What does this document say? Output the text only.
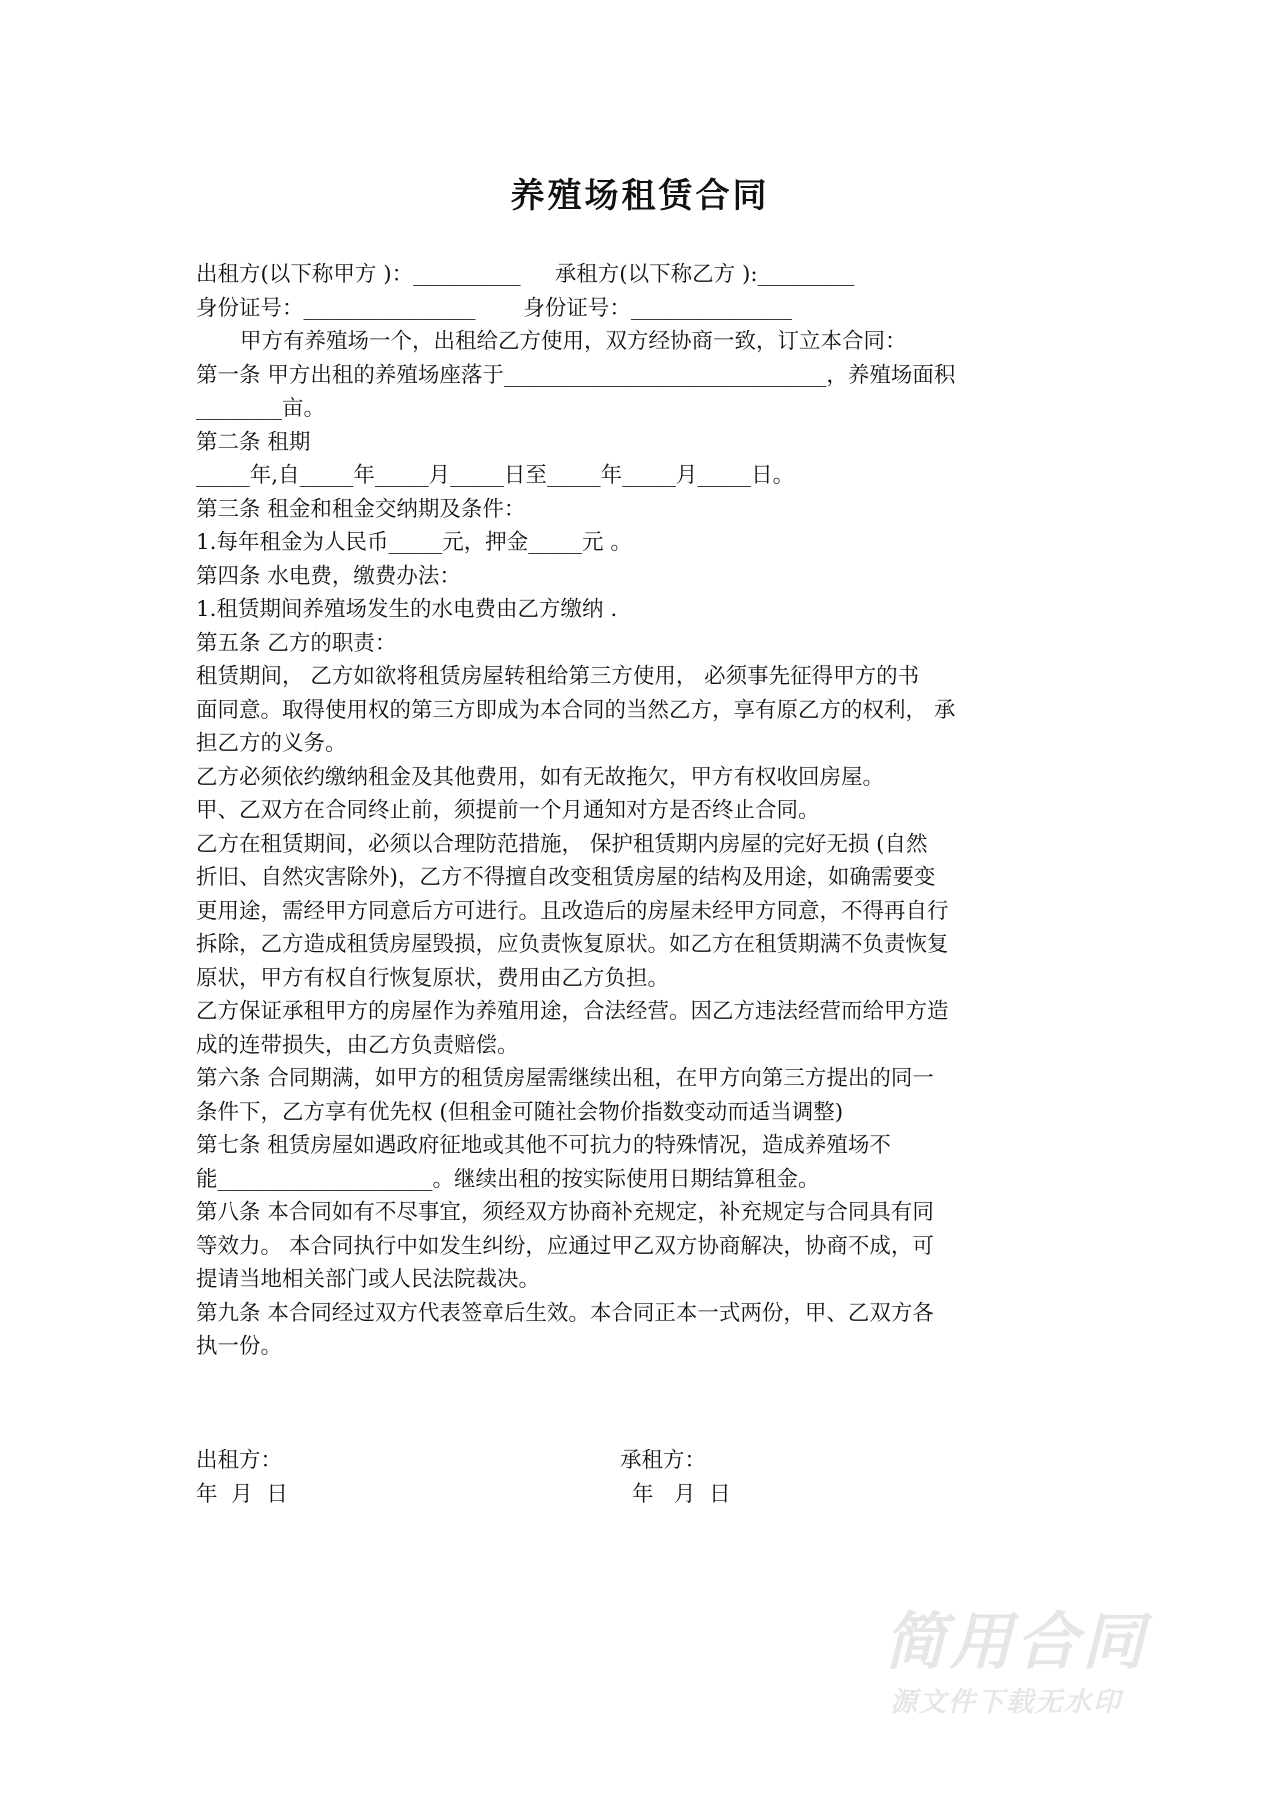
养殖场租赁合同
出租方(以下称甲方 )：__________     承租方(以下称乙方 ):_________
身份证号：________________       身份证号：_______________
甲方有养殖场一个，出租给乙方使用，双方经协商一致，订立本合同：
第一条 甲方出租的养殖场座落于______________________________，养殖场面积
________亩。
第二条 租期
_____年,自_____年_____月_____日至_____年_____月_____日。
第三条 租金和租金交纳期及条件：
1.每年租金为人民币_____元，押金_____元 。
第四条 水电费，缴费办法：
1.租赁期间养殖场发生的水电费由乙方缴纳 .
第五条 乙方的职责：
租赁期间， 乙方如欲将租赁房屋转租给第三方使用， 必须事先征得甲方的书
面同意。取得使用权的第三方即成为本合同的当然乙方，享有原乙方的权利， 承
担乙方的义务。
乙方必须依约缴纳租金及其他费用，如有无故拖欠，甲方有权收回房屋。
甲、乙双方在合同终止前，须提前一个月通知对方是否终止合同。
乙方在租赁期间，必须以合理防范措施， 保护租赁期内房屋的完好无损 (自然
折旧、自然灾害除外)，乙方不得擅自改变租赁房屋的结构及用途，如确需要变
更用途，需经甲方同意后方可进行。且改造后的房屋未经甲方同意，不得再自行
拆除，乙方造成租赁房屋毁损，应负责恢复原状。如乙方在租赁期满不负责恢复
原状，甲方有权自行恢复原状，费用由乙方负担。
乙方保证承租甲方的房屋作为养殖用途，合法经营。因乙方违法经营而给甲方造
成的连带损失，由乙方负责赔偿。
第六条 合同期满，如甲方的租赁房屋需继续出租，在甲方向第三方提出的同一
条件下，乙方享有优先权 (但租金可随社会物价指数变动而适当调整)
第七条 租赁房屋如遇政府征地或其他不可抗力的特殊情况，造成养殖场不
能____________________。继续出租的按实际使用日期结算租金。
第八条 本合同如有不尽事宜，须经双方协商补充规定，补充规定与合同具有同
等效力。 本合同执行中如发生纠纷，应通过甲乙双方协商解决，协商不成，可
提请当地相关部门或人民法院裁决。
第九条 本合同经过双方代表签章后生效。本合同正本一式两份，甲、乙双方各
执一份。
出租方：	承租方：
年  月  日	年   月  日
简用合同
源文件下载无水印
